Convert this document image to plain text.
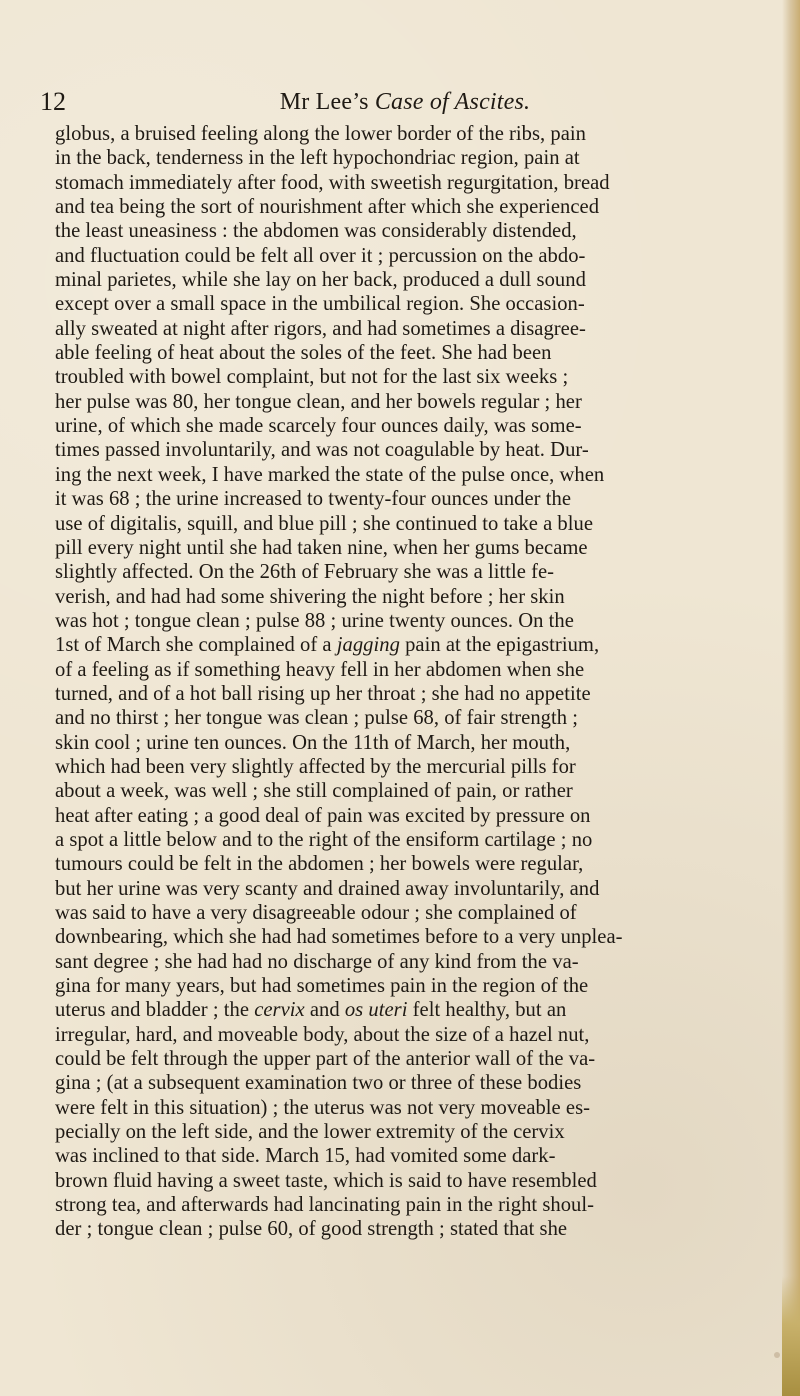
12	Mr Lee’s Case of Ascites.
globus, a bruised feeling along the lower border of the ribs, pain
in the back, tenderness in the left hypochondriac region, pain at
stomach immediately after food, with sweetish regurgitation, bread
and tea being the sort of nourishment after which she experienced
the least uneasiness : the abdomen was considerably distended,
and fluctuation could be felt all over it ; percussion on the abdo-
minal parietes, while she lay on her back, produced a dull sound
except over a small space in the umbilical region. She occasion-
ally sweated at night after rigors, and had sometimes a disagree-
able feeling of heat about the soles of the feet. She had been
troubled with bowel complaint, but not for the last six weeks ;
her pulse was 80, her tongue clean, and her bowels regular ; her
urine, of which she made scarcely four ounces daily, was some-
times passed involuntarily, and was not coagulable by heat. Dur-
ing the next week, I have marked the state of the pulse once, when
it was 68 ; the urine increased to twenty-four ounces under the
use of digitalis, squill, and blue pill ; she continued to take a blue
pill every night until she had taken nine, when her gums became
slightly affected. On the 26th of February she was a little fe-
verish, and had had some shivering the night before ; her skin
was hot ; tongue clean ; pulse 88 ; urine twenty ounces. On the
1st of March she complained of a jagging pain at the epigastrium,
of a feeling as if something heavy fell in her abdomen when she
turned, and of a hot ball rising up her throat ; she had no appetite
and no thirst ; her tongue was clean ; pulse 68, of fair strength ;
skin cool ; urine ten ounces. On the 11th of March, her mouth,
which had been very slightly affected by the mercurial pills for
about a week, was well ; she still complained of pain, or rather
heat after eating ; a good deal of pain was excited by pressure on
a spot a little below and to the right of the ensiform cartilage ; no
tumours could be felt in the abdomen ; her bowels were regular,
but her urine was very scanty and drained away involuntarily, and
was said to have a very disagreeable odour ; she complained of
downbearing, which she had had sometimes before to a very unplea-
sant degree ; she had had no discharge of any kind from the va-
gina for many years, but had sometimes pain in the region of the
uterus and bladder ; the cervix and os uteri felt healthy, but an
irregular, hard, and moveable body, about the size of a hazel nut,
could be felt through the upper part of the anterior wall of the va-
gina ; (at a subsequent examination two or three of these bodies
were felt in this situation) ; the uterus was not very moveable es-
pecially on the left side, and the lower extremity of the cervix
was inclined to that side. March 15, had vomited some dark-
brown fluid having a sweet taste, which is said to have resembled
strong tea, and afterwards had lancinating pain in the right shoul-
der ; tongue clean ; pulse 60, of good strength ; stated that she
